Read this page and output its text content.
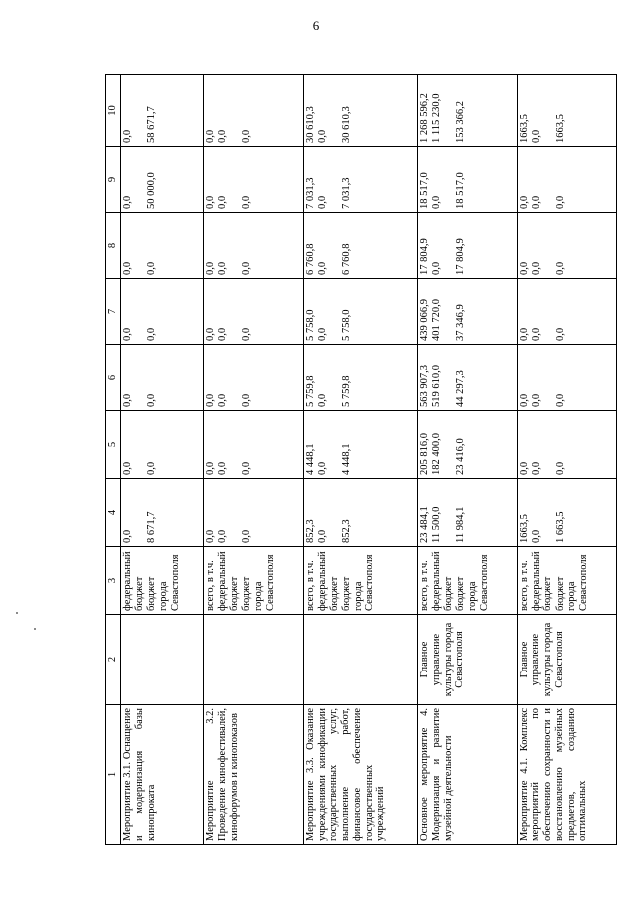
6
1	2	3	4	5	6	7	8	9	10
Мероприятие 3.1. Оснащение и модернизация базы кинопроката		федеральный бюджет бюджет города Севастополя	0,0 8 671,7	0,0 0,0	0,0 0,0	0,0 0,0	0,0 0,0	0,0 50 000,0	0,0 58 671,7

Мероприятие 3.2. Проведение кинофестивалей, кинофорумов и кинопоказов		всего, в т.ч. федеральный бюджет бюджет города Севастополя	0,0 0,0 0,0	0,0 0,0 0,0	0,0 0,0 0,0	0,0 0,0 0,0	0,0 0,0 0,0	0,0 0,0 0,0	0,0 0,0 0,0

Мероприятие 3.3. Оказание учреждениями кинофикации государственных услуг, выполнение работ, финансовое обеспечение государственных учреждений		всего, в т.ч. федеральный бюджет бюджет города Севастополя	852,3 0,0 852,3	4 448,1 0,0 4 448,1	5 759,8 0,0 5 759,8	5 758,0 0,0 5 758,0	6 760,8 0,0 6 760,8	7 031,3 0,0 7 031,3	30 610,3 0,0 30 610,3

Основное мероприятие 4. Модернизация и развитие музейной деятельности	Главное управление культуры города Севастополя	всего, в т.ч. федеральный бюджет бюджет города Севастополя	23 484,1 11 500,0 11 984,1	205 816,0 182 400,0 23 416,0	563 907,3 519 610,0 44 297,3	439 066,9 401 720,0 37 346,9	17 804,9 0,0 17 804,9	18 517,0 0,0 18 517,0	1 268 596,2 1 115 230,0 153 366,2

Мероприятие 4.1. Комплекс мероприятий по обеспечению сохранности и восстановлению музейных предметов, созданию оптимальных	Главное управление культуры города Севастополя	всего, в т.ч. федеральный бюджет бюджет города Севастополя	1663,5 0,0 1 663,5	0,0 0,0 0,0	0,0 0,0 0,0	0,0 0,0 0,0	0,0 0,0 0,0	0,0 0,0 0,0	1663,5 0,0 1663,5
